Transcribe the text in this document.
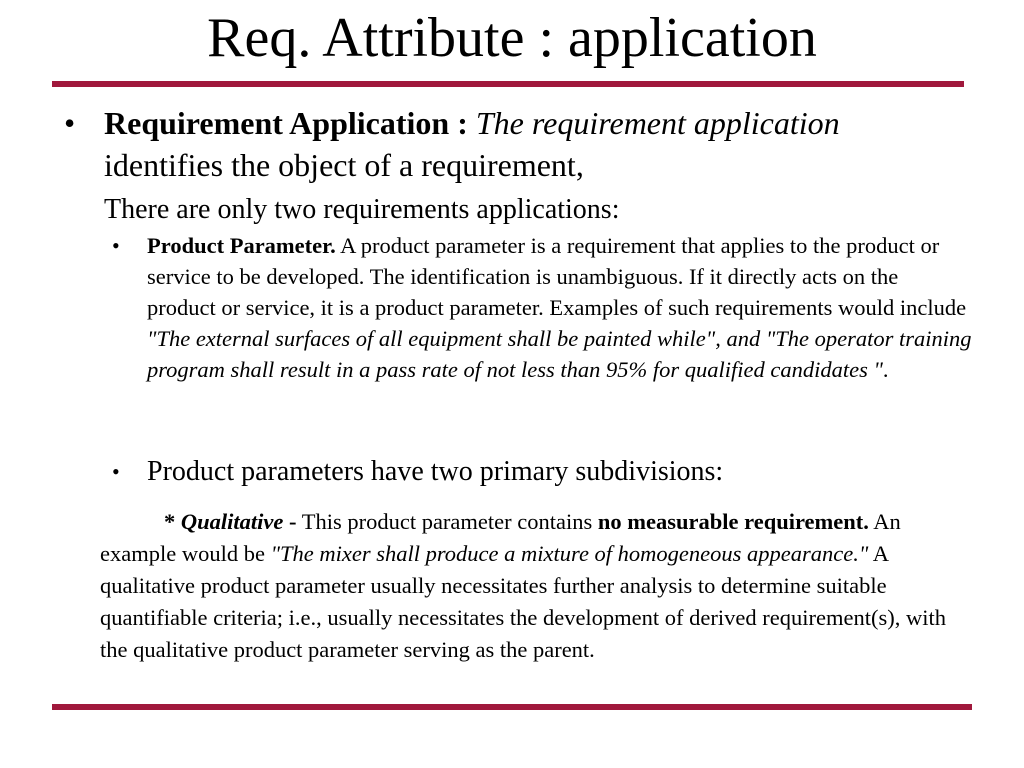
Req. Attribute : application
• Requirement Application : The requirement application identifies the object of a requirement,
There are only two requirements applications:
• Product Parameter. A product parameter is a requirement that applies to the product or service to be developed. The identification is unambiguous. If it directly acts on the product or service, it is a product parameter. Examples of such requirements would include "The external surfaces of all equipment shall be painted while", and "The operator training program shall result in a pass rate of not less than 95% for qualified candidates ".
• Product parameters have two primary subdivisions:
* Qualitative - This product parameter contains no measurable requirement. An example would be "The mixer shall produce a mixture of homogeneous appearance." A qualitative product parameter usually necessitates further analysis to determine suitable quantifiable criteria; i.e., usually necessitates the development of derived requirement(s), with the qualitative product parameter serving as the parent.
